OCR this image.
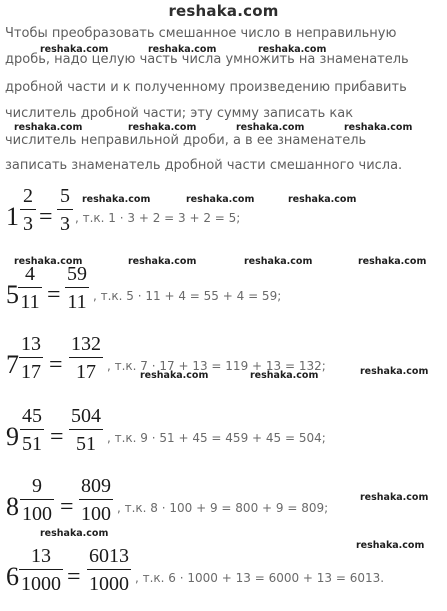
reshaka.com
Чтобы преобразовать смешанное число в неправильную
дробь, надо целую часть числа умножить на знаменатель
дробной части и к полученному произведению прибавить
числитель дробной части; эту сумму записать как
числитель неправильной дроби, а в ее знаменатель
записать знаменатель дробной части смешанного числа.
reshaka.com	reshaka.com	reshaka.com
reshaka.com	reshaka.com	reshaka.com	reshaka.com
reshaka.com	reshaka.com	reshaka.com
reshaka.com	reshaka.com	reshaka.com	reshaka.com
reshaka.com	reshaka.com	reshaka.com
reshaka.com
reshaka.com
reshaka.com
1
2
3 =
5
3 , т.к. 1 · 3 + 2 = 3 + 2 = 5;
5
4
11 =
59
11 , т.к. 5 · 11 + 4 = 55 + 4 = 59;
7
13
17 =
132
17 , т.к. 7 · 17 + 13 = 119 + 13 = 132;
9
45
51 =
504
51 , т.к. 9 · 51 + 45 = 459 + 45 = 504;
8
9
100 =
809
100 , т.к. 8 · 100 + 9 = 800 + 9 = 809;
6
13
1000 =
6013
1000 , т.к. 6 · 1000 + 13 = 6000 + 13 = 6013.
